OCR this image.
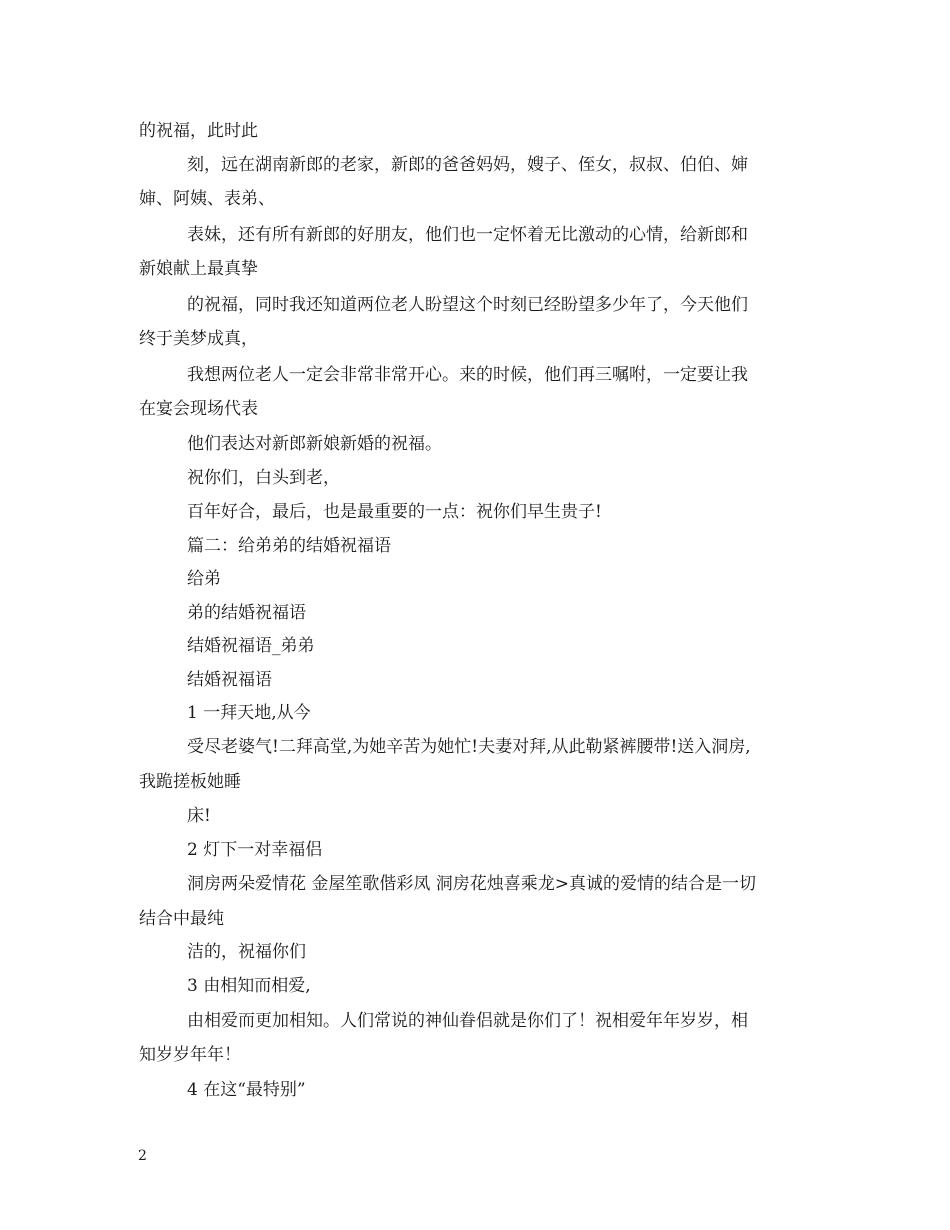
的祝福，此时此
刻，远在湖南新郎的老家，新郎的爸爸妈妈，嫂子、侄女，叔叔、伯伯、婶
婶、阿姨、表弟、
表妹，还有所有新郎的好朋友，他们也一定怀着无比激动的心情，给新郎和
新娘献上最真挚
的祝福，同时我还知道两位老人盼望这个时刻已经盼望多少年了，今天他们
终于美梦成真，
我想两位老人一定会非常非常开心。来的时候，他们再三嘱咐，一定要让我
在宴会现场代表
他们表达对新郎新娘新婚的祝福。
祝你们，白头到老，
百年好合，最后，也是最重要的一点：祝你们早生贵子!
篇二：给弟弟的结婚祝福语
给弟
弟的结婚祝福语
结婚祝福语_弟弟
结婚祝福语
1 一拜天地,从今
受尽老婆气!二拜高堂,为她辛苦为她忙!夫妻对拜,从此勒紧裤腰带!送入洞房,
我跪搓板她睡
床!
2 灯下一对幸福侣
洞房两朵爱情花 金屋笙歌偕彩凤 洞房花烛喜乘龙>真诚的爱情的结合是一切
结合中最纯
洁的，祝福你们
3 由相知而相爱,
由相爱而更加相知。人们常说的神仙眷侣就是你们了！祝相爱年年岁岁，相
知岁岁年年！
4 在这“最特别”
2
